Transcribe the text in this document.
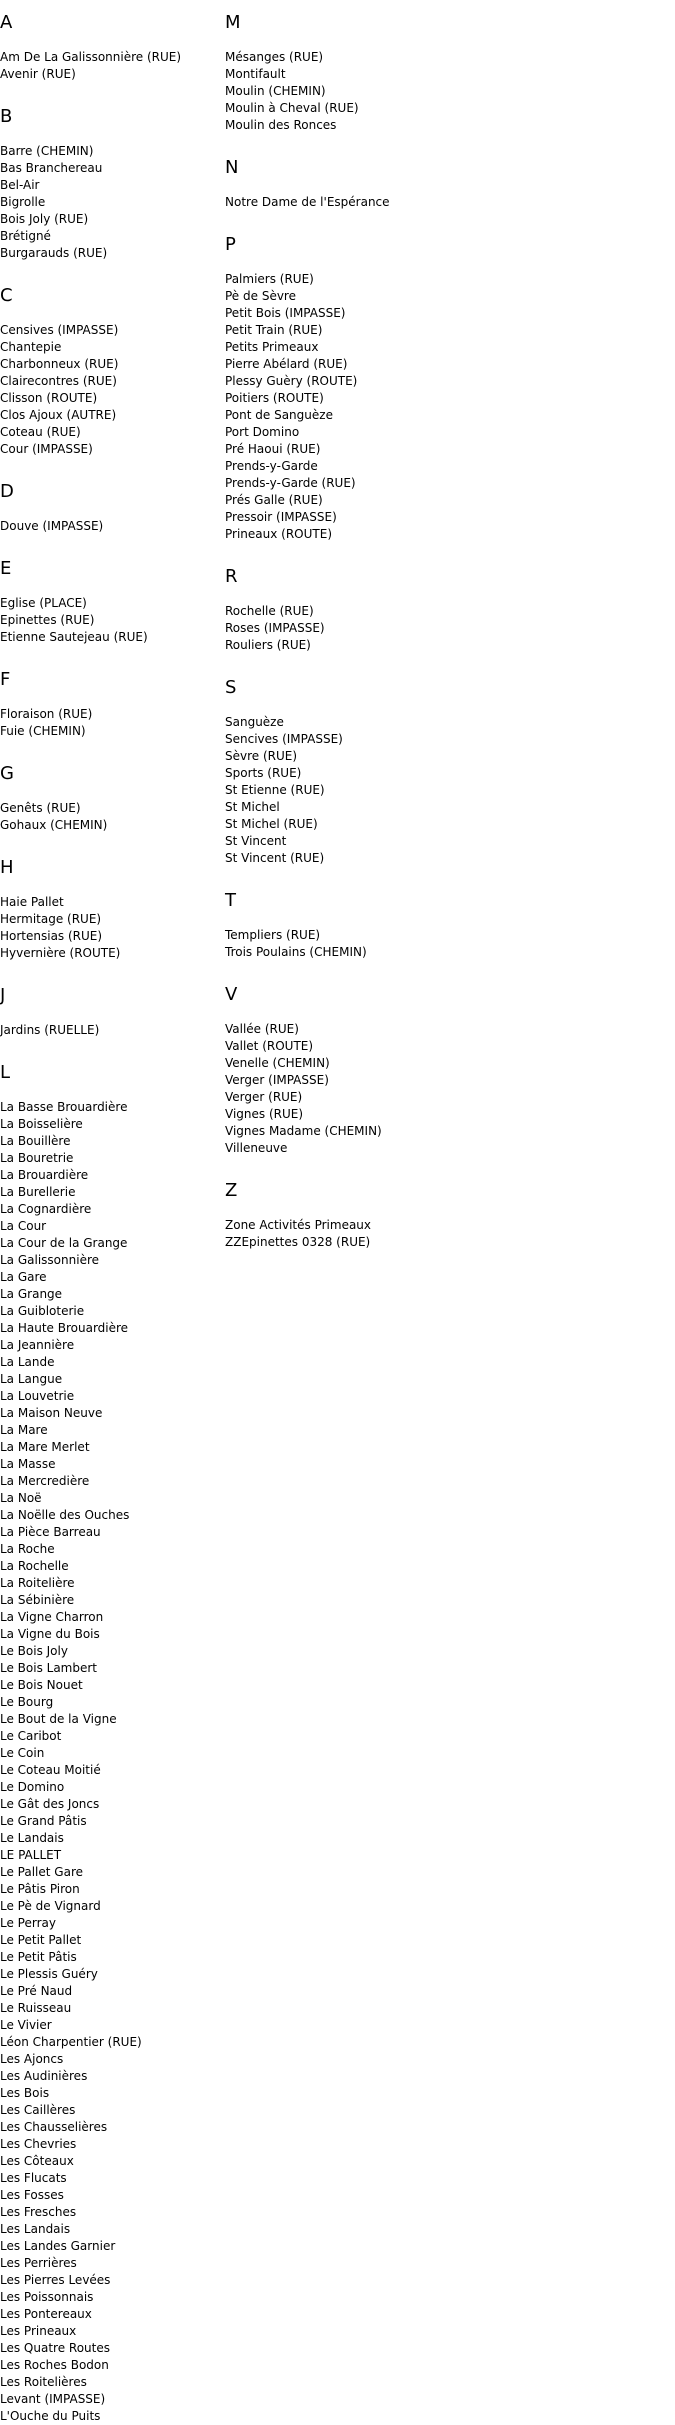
A
Am De La Galissonnière (RUE)
Avenir (RUE)
B
Barre (CHEMIN)
Bas Branchereau
Bel-Air
Bigrolle
Bois Joly (RUE)
Brétigné
Burgarauds (RUE)
C
Censives (IMPASSE)
Chantepie
Charbonneux (RUE)
Clairecontres (RUE)
Clisson (ROUTE)
Clos Ajoux (AUTRE)
Coteau (RUE)
Cour (IMPASSE)
D
Douve (IMPASSE)
E
Eglise (PLACE)
Epinettes (RUE)
Etienne Sautejeau (RUE)
F
Floraison (RUE)
Fuie (CHEMIN)
G
Genêts (RUE)
Gohaux (CHEMIN)
H
Haie Pallet
Hermitage (RUE)
Hortensias (RUE)
Hyvernière (ROUTE)
J
Jardins (RUELLE)
L
La Basse Brouardière
La Boisselière
La Bouillère
La Bouretrie
La Brouardière
La Burellerie
La Cognardière
La Cour
La Cour de la Grange
La Galissonnière
La Gare
La Grange
La Guibloterie
La Haute Brouardière
La Jeannière
La Lande
La Langue
La Louvetrie
La Maison Neuve
La Mare
La Mare Merlet
La Masse
La Mercredière
La Noë
La Noëlle des Ouches
La Pièce Barreau
La Roche
La Rochelle
La Roitelière
La Sébinière
La Vigne Charron
La Vigne du Bois
Le Bois Joly
Le Bois Lambert
Le Bois Nouet
Le Bourg
Le Bout de la Vigne
Le Caribot
Le Coin
Le Coteau Moitié
Le Domino
Le Gât des Joncs
Le Grand Pâtis
Le Landais
LE PALLET
Le Pallet Gare
Le Pâtis Piron
Le Pè de Vignard
Le Perray
Le Petit Pallet
Le Petit Pâtis
Le Plessis Guéry
Le Pré Naud
Le Ruisseau
Le Vivier
Léon Charpentier (RUE)
Les Ajoncs
Les Audinières
Les Bois
Les Caillères
Les Chausselières
Les Chevries
Les Côteaux
Les Flucats
Les Fosses
Les Fresches
Les Landais
Les Landes Garnier
Les Perrières
Les Pierres Levées
Les Poissonnais
Les Pontereaux
Les Prineaux
Les Quatre Routes
Les Roches Bodon
Les Roitelières
Levant (IMPASSE)
L'Ouche du Puits
M
Mésanges (RUE)
Montifault
Moulin (CHEMIN)
Moulin à Cheval (RUE)
Moulin des Ronces
N
Notre Dame de l'Espérance
P
Palmiers (RUE)
Pè de Sèvre
Petit Bois (IMPASSE)
Petit Train (RUE)
Petits Primeaux
Pierre Abélard (RUE)
Plessy Guèry (ROUTE)
Poitiers (ROUTE)
Pont de Sanguèze
Port Domino
Pré Haoui (RUE)
Prends-y-Garde
Prends-y-Garde (RUE)
Prés Galle (RUE)
Pressoir (IMPASSE)
Prineaux (ROUTE)
R
Rochelle (RUE)
Roses (IMPASSE)
Rouliers (RUE)
S
Sanguèze
Sencives (IMPASSE)
Sèvre (RUE)
Sports (RUE)
St Etienne (RUE)
St Michel
St Michel (RUE)
St Vincent
St Vincent (RUE)
T
Templiers (RUE)
Trois Poulains (CHEMIN)
V
Vallée (RUE)
Vallet (ROUTE)
Venelle (CHEMIN)
Verger (IMPASSE)
Verger (RUE)
Vignes (RUE)
Vignes Madame (CHEMIN)
Villeneuve
Z
Zone Activités Primeaux
ZZEpinettes 0328 (RUE)
